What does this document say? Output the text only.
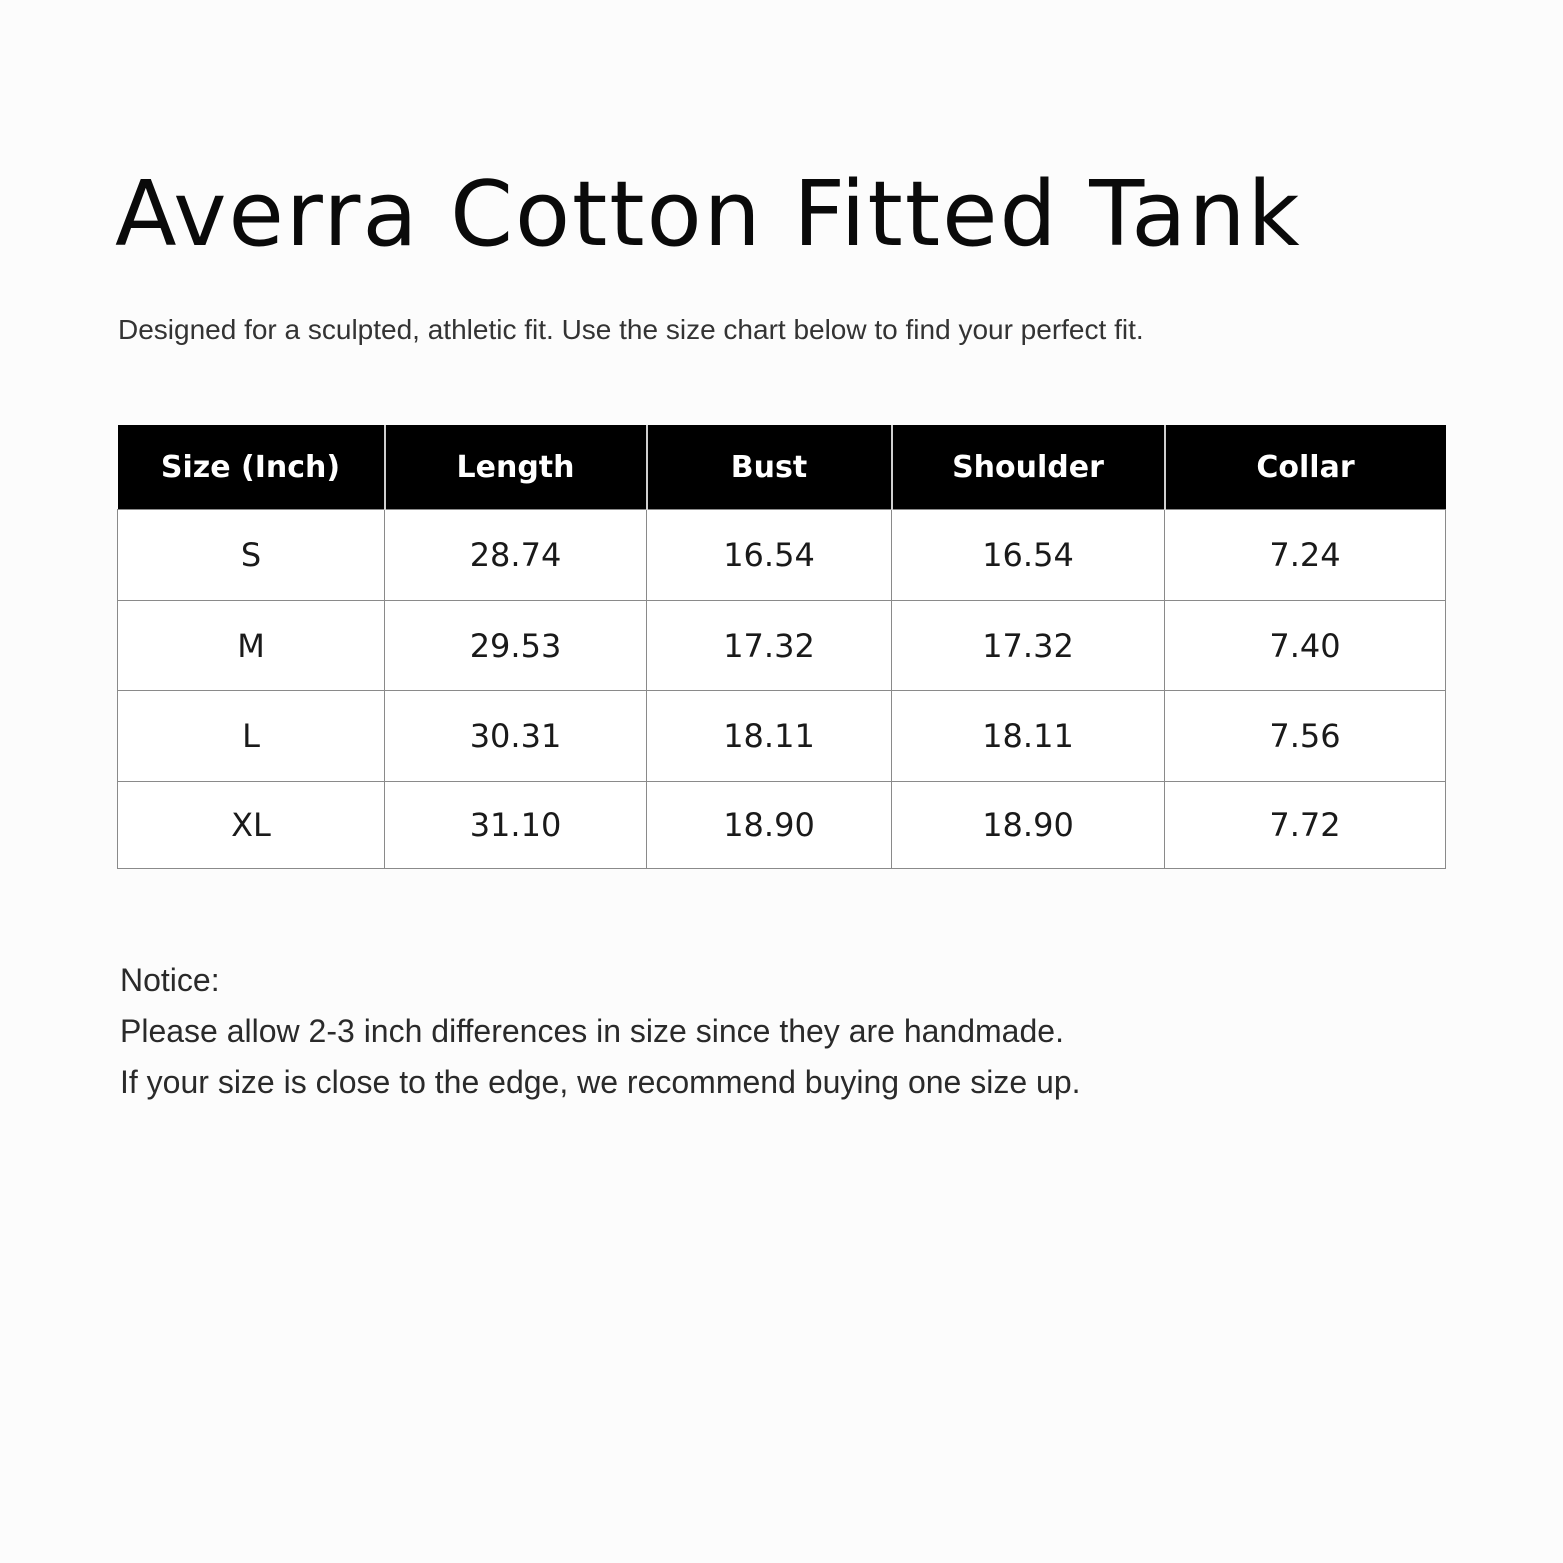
Averra Cotton Fitted Tank

Designed for a sculpted, athletic fit. Use the size chart below to find your perfect fit.

Size (Inch)	Length	Bust	Shoulder	Collar
S	28.74	16.54	16.54	7.24
M	29.53	17.32	17.32	7.40
L	30.31	18.11	18.11	7.56
XL	31.10	18.90	18.90	7.72
Notice:
Please allow 2-3 inch differences in size since they are handmade.
If your size is close to the edge, we recommend buying one size up.
